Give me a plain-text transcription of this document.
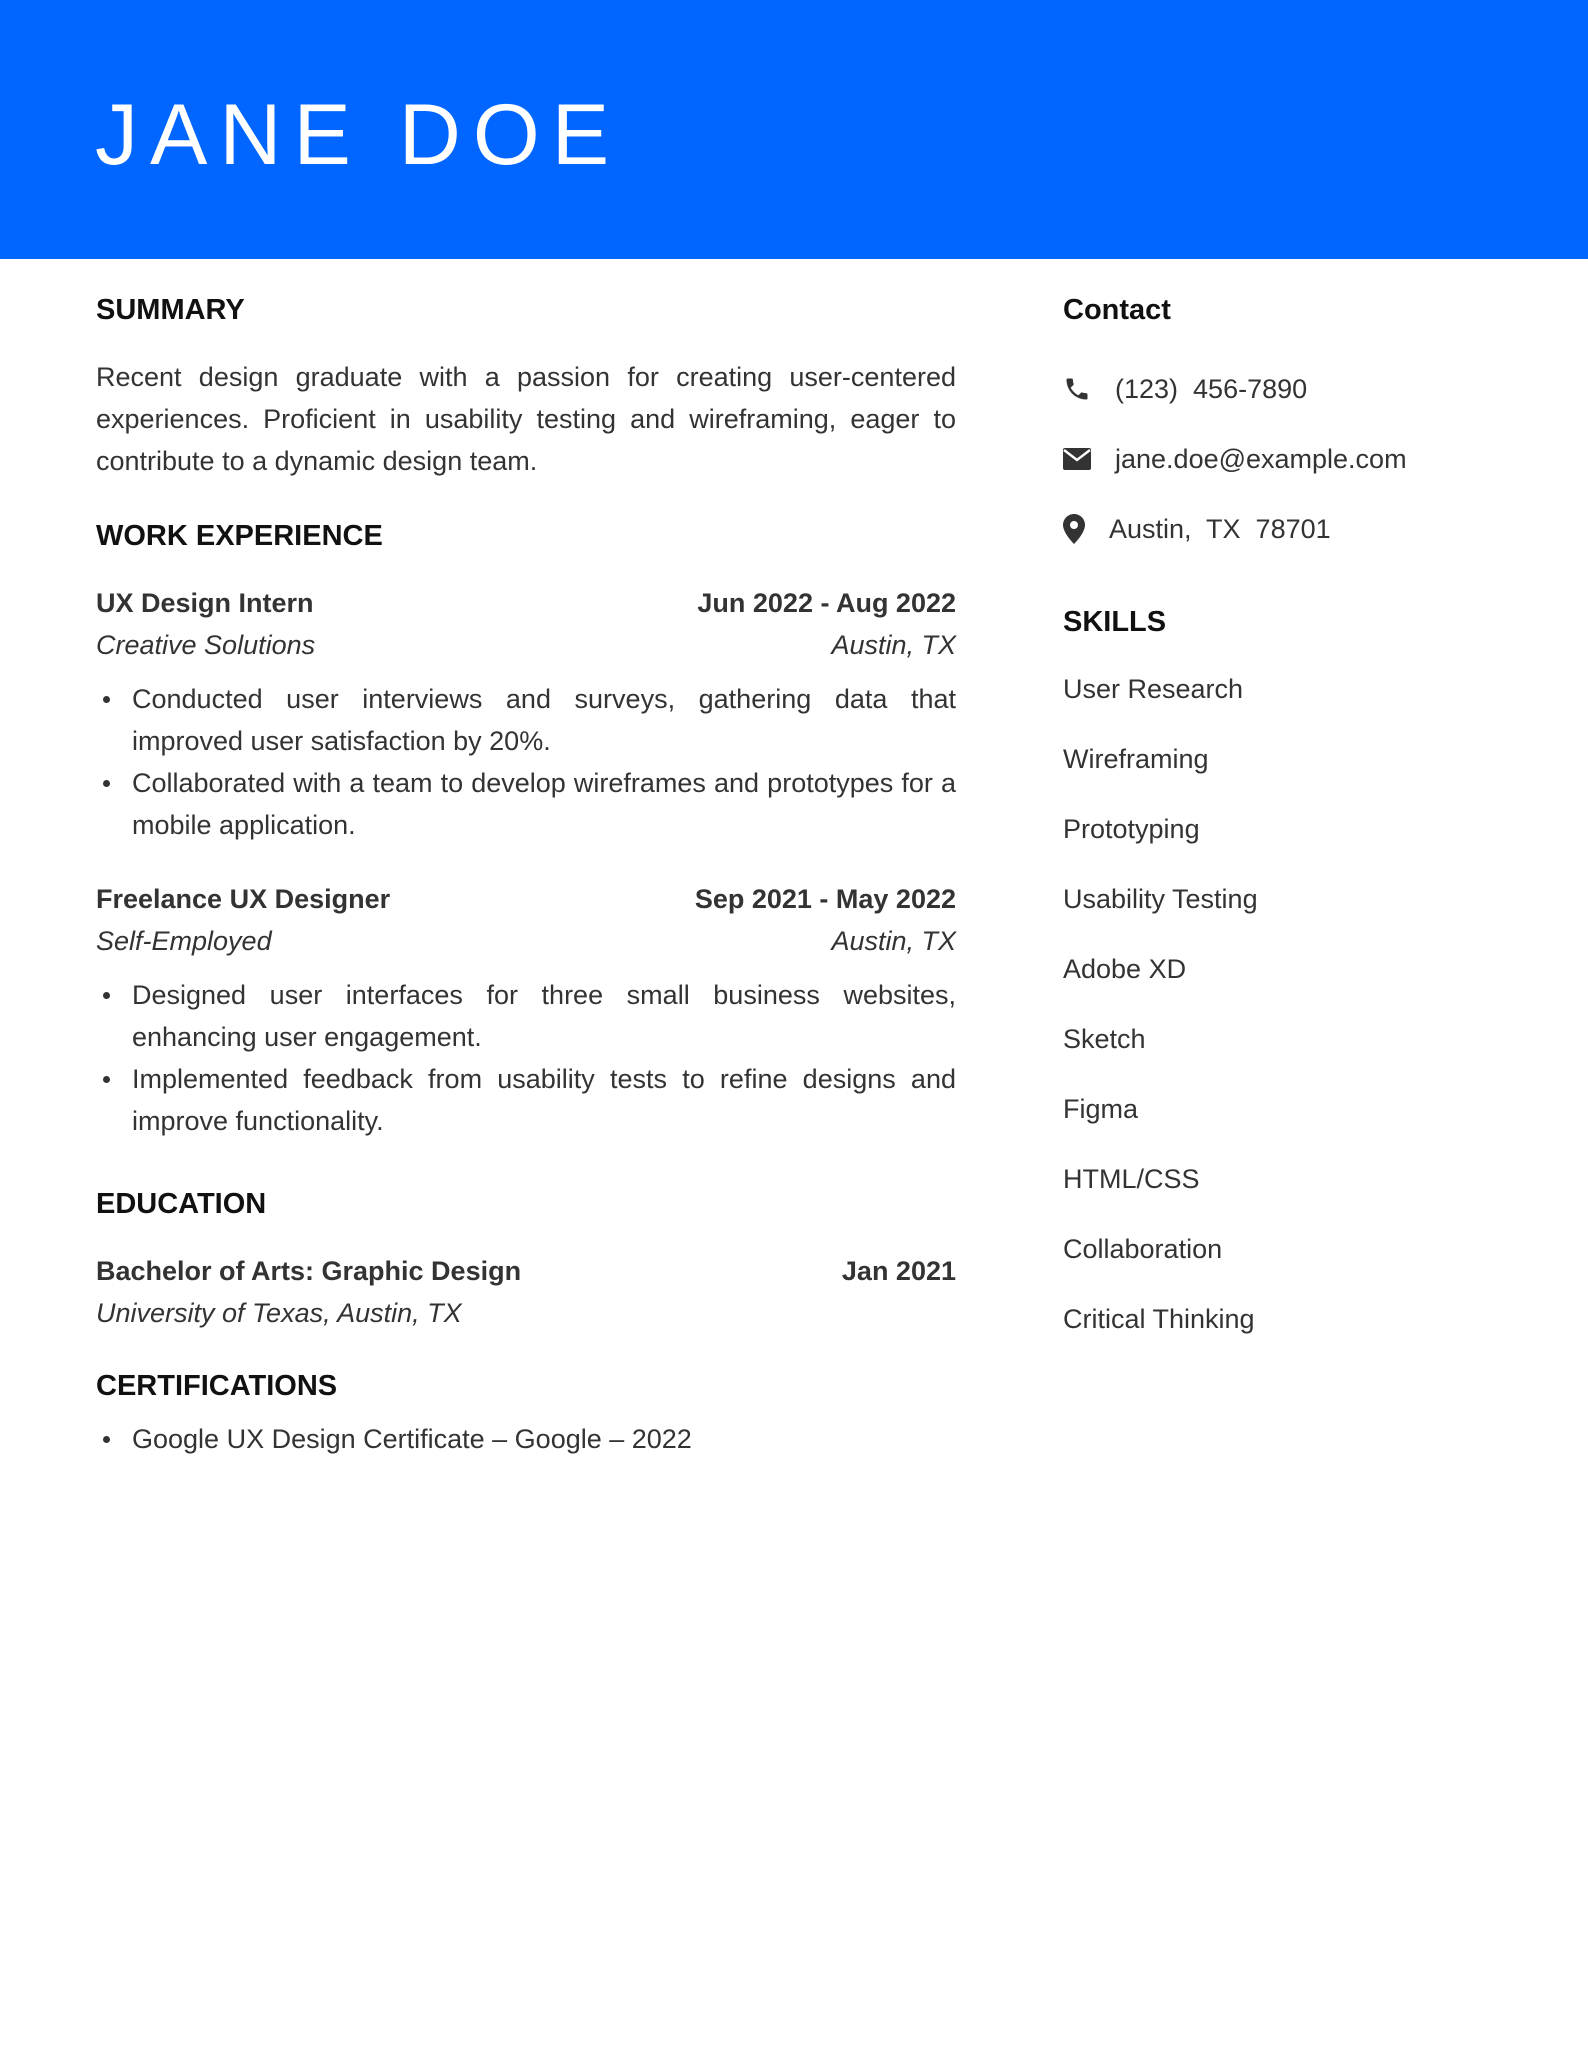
JANE DOE
SUMMARY

Recent design graduate with a passion for creating user-centered experiences. Proficient in usability testing and wireframing, eager to contribute to a dynamic design team.

WORK EXPERIENCE
UX Design Intern	Jun 2022 - Aug 2022
Creative Solutions	Austin, TX
Conducted user interviews and surveys, gathering data that improved user satisfaction by 20%.
Collaborated with a team to develop wireframes and prototypes for a mobile application.
Freelance UX Designer	Sep 2021 - May 2022
Self-Employed	Austin, TX
Designed user interfaces for three small business websites, enhancing user engagement.
Implemented feedback from usability tests to refine designs and improve functionality.
EDUCATION
Bachelor of Arts: Graphic Design	Jan 2021
University of Texas, Austin, TX
CERTIFICATIONS
Google UX Design Certificate – Google – 2022
Contact
(123)  456-7890
jane.doe@example.com
Austin,  TX  78701
SKILLS
User Research
Wireframing
Prototyping
Usability Testing
Adobe XD
Sketch
Figma
HTML/CSS
Collaboration
Critical Thinking
